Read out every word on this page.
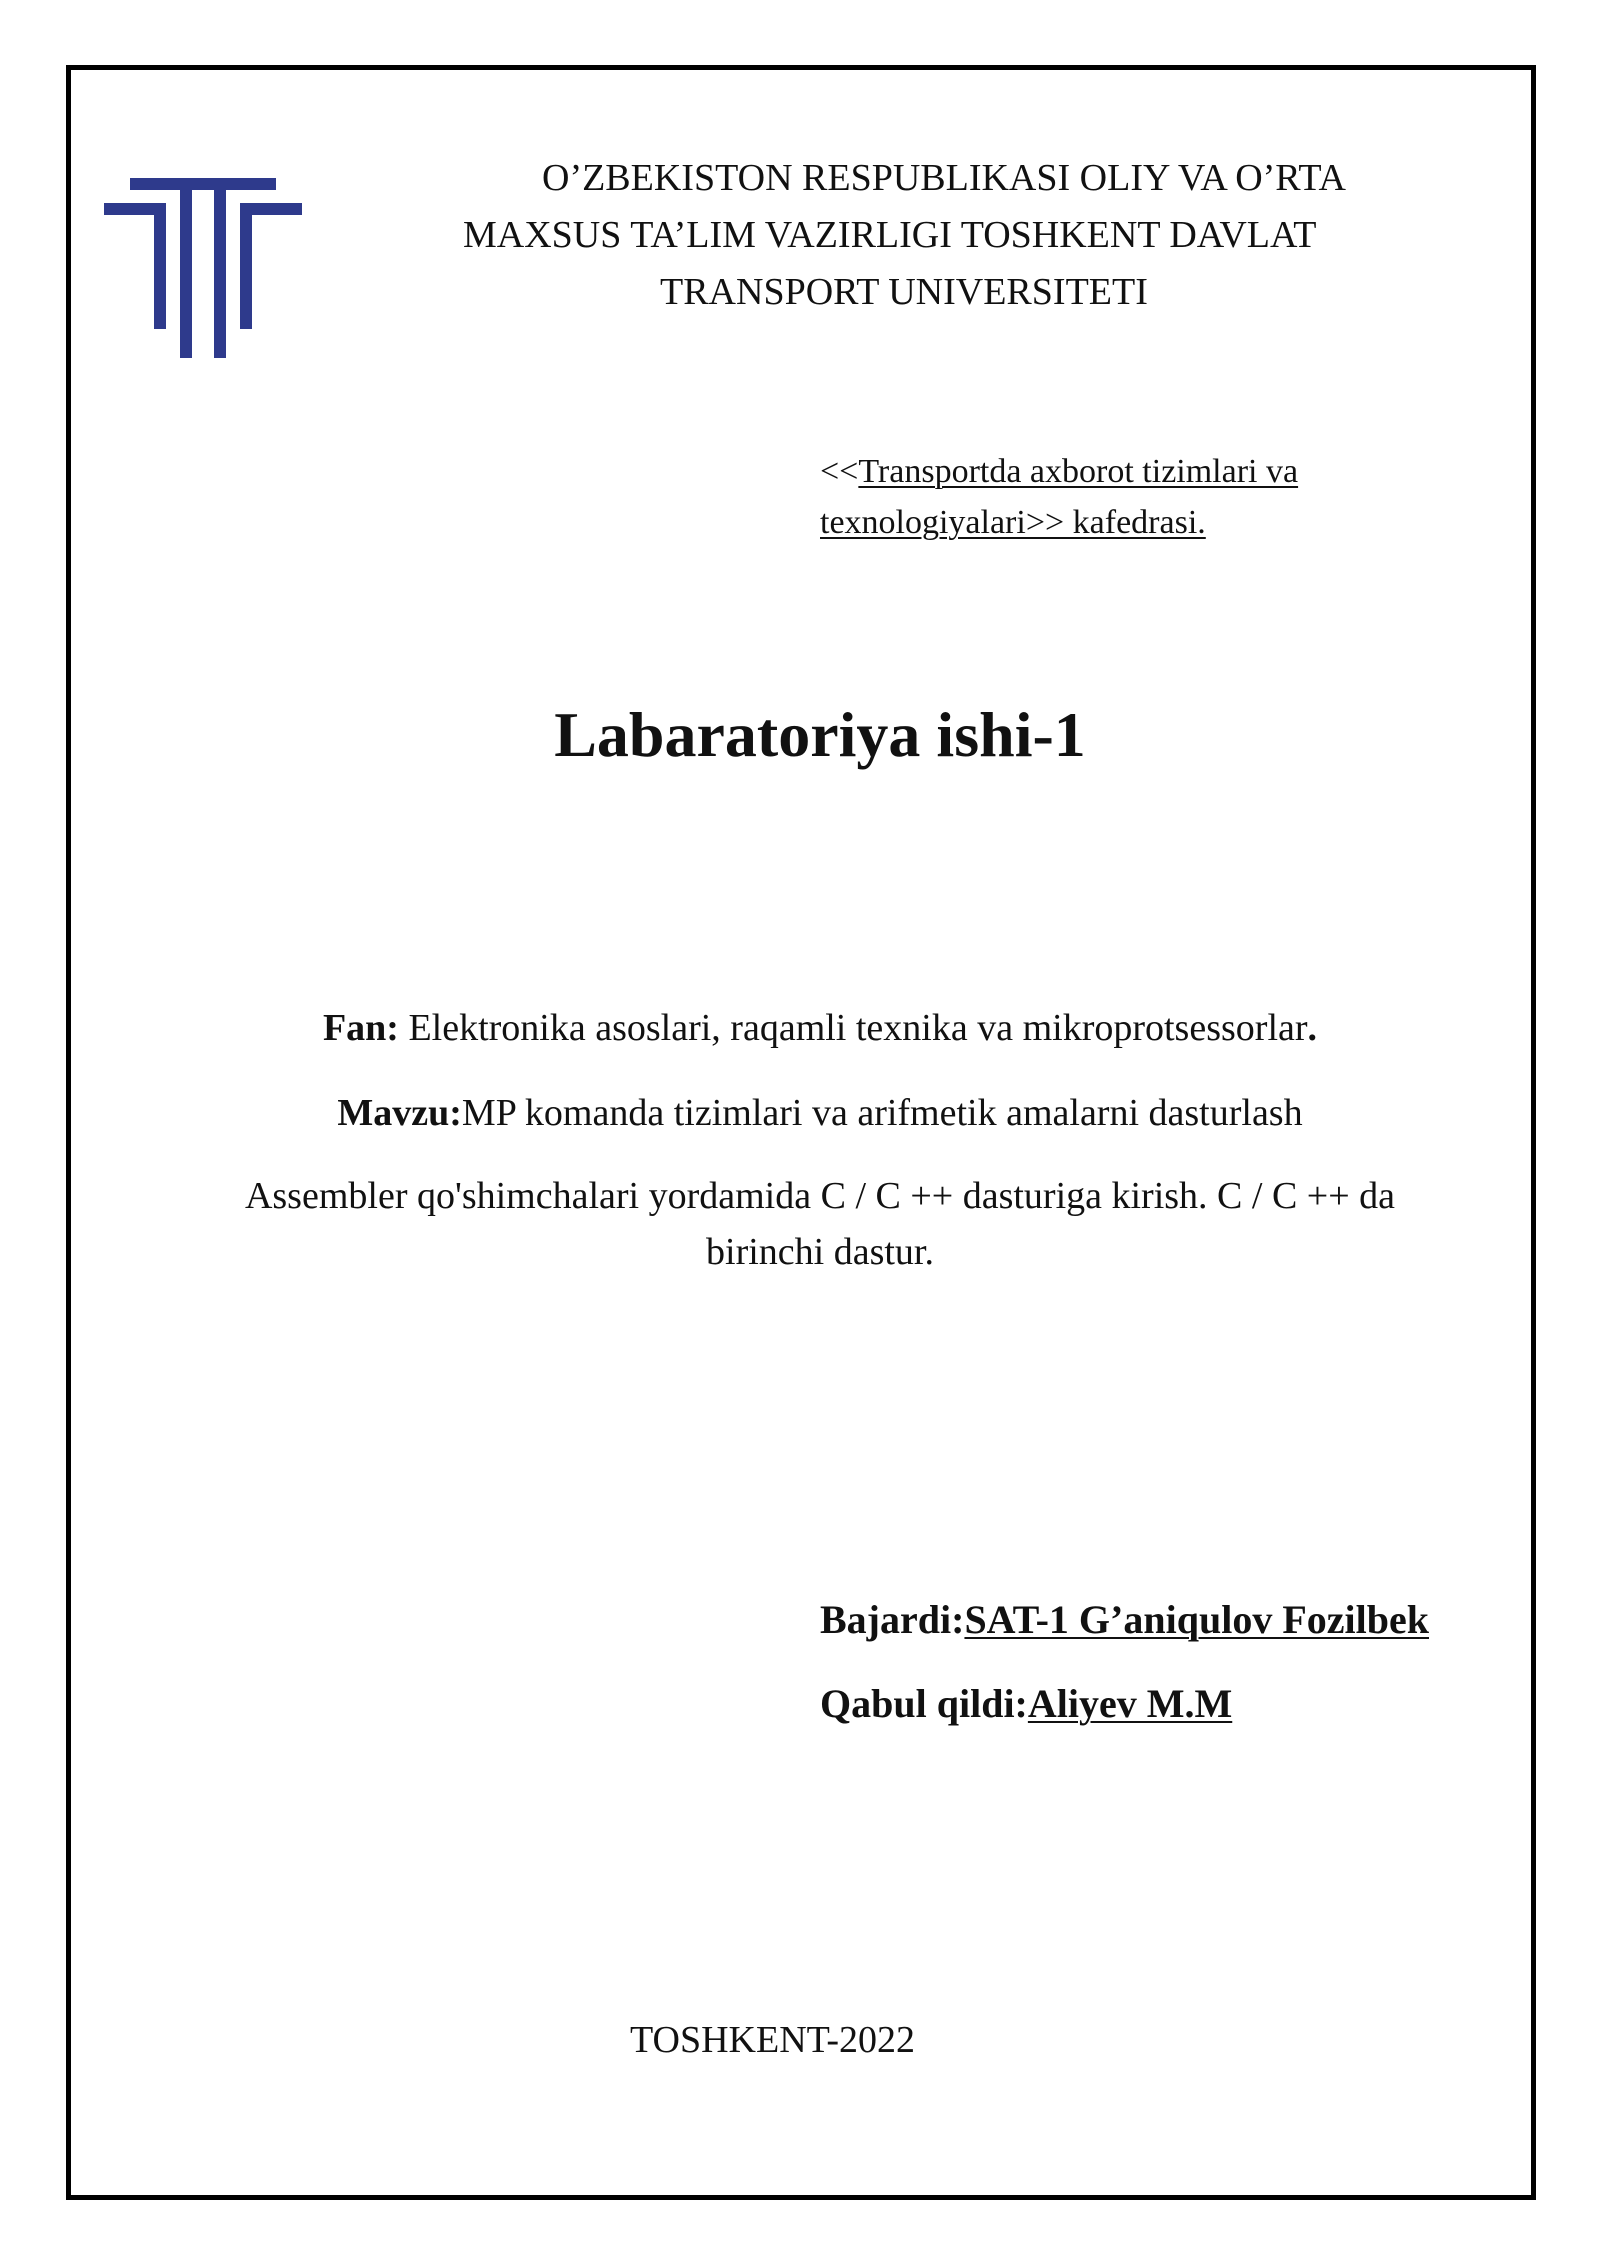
O’ZBEKISTON RESPUBLIKASI OLIY VA O’RTA
MAXSUS TA’LIM VAZIRLIGI TOSHKENT DAVLAT
TRANSPORT UNIVERSITETI
<<Transportda axborot tizimlari va
texnologiyalari>> kafedrasi.
Labaratoriya ishi-1
Fan: Elektronika asoslari, raqamli texnika va mikroprotsessorlar.
Mavzu:MP komanda tizimlari va arifmetik amalarni dasturlash
Assembler qo'shimchalari yordamida C / C ++ dasturiga kirish. C / C ++ da
birinchi dastur.
Bajardi:SAT-1 G’aniqulov Fozilbek
Qabul qildi:Aliyev M.M
TOSHKENT-2022
